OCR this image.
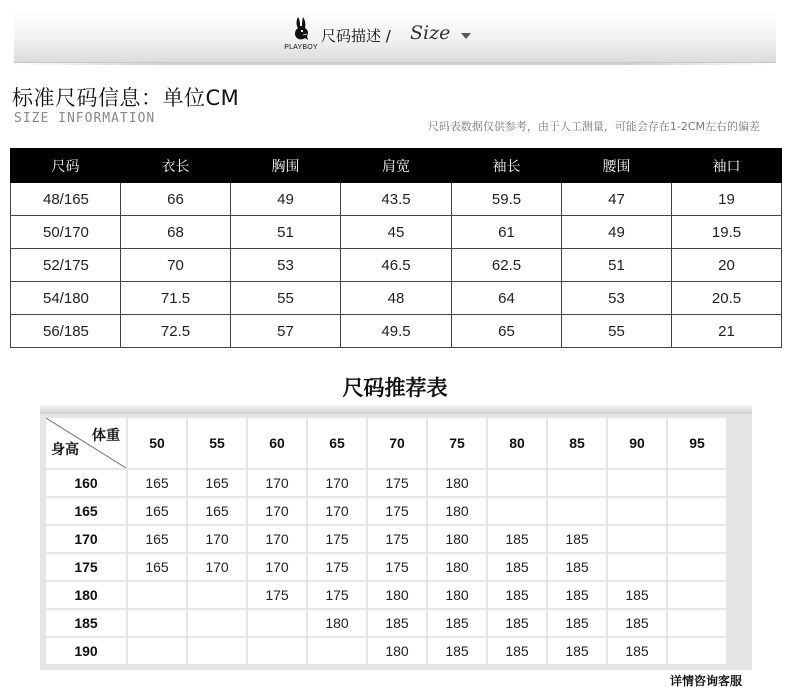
PLAYBOY
尺码描述 / Size
标准尺码信息：单位CM
SIZE INFORMATION
尺码表数据仅供参考，由于人工测量，可能会存在1-2CM左右的偏差
尺码	衣长	胸围	肩宽	袖长	腰围	袖口
48/165	66	49	43.5	59.5	47	19
50/170	68	51	45	61	49	19.5
52/175	70	53	46.5	62.5	51	20
54/180	71.5	55	48	64	53	20.5
56/185	72.5	57	49.5	65	55	21
尺码推荐表
体重
身高	50	55	60	65	70	75	80	85	90	95
160	165	165	170	170	175	180				
165	165	165	170	170	175	180				
170	165	170	170	175	175	180	185	185		
175	165	170	170	175	175	180	185	185		
180			175	175	180	180	185	185	185	
185				180	185	185	185	185	185	
190					180	185	185	185	185	
详情咨询客服
